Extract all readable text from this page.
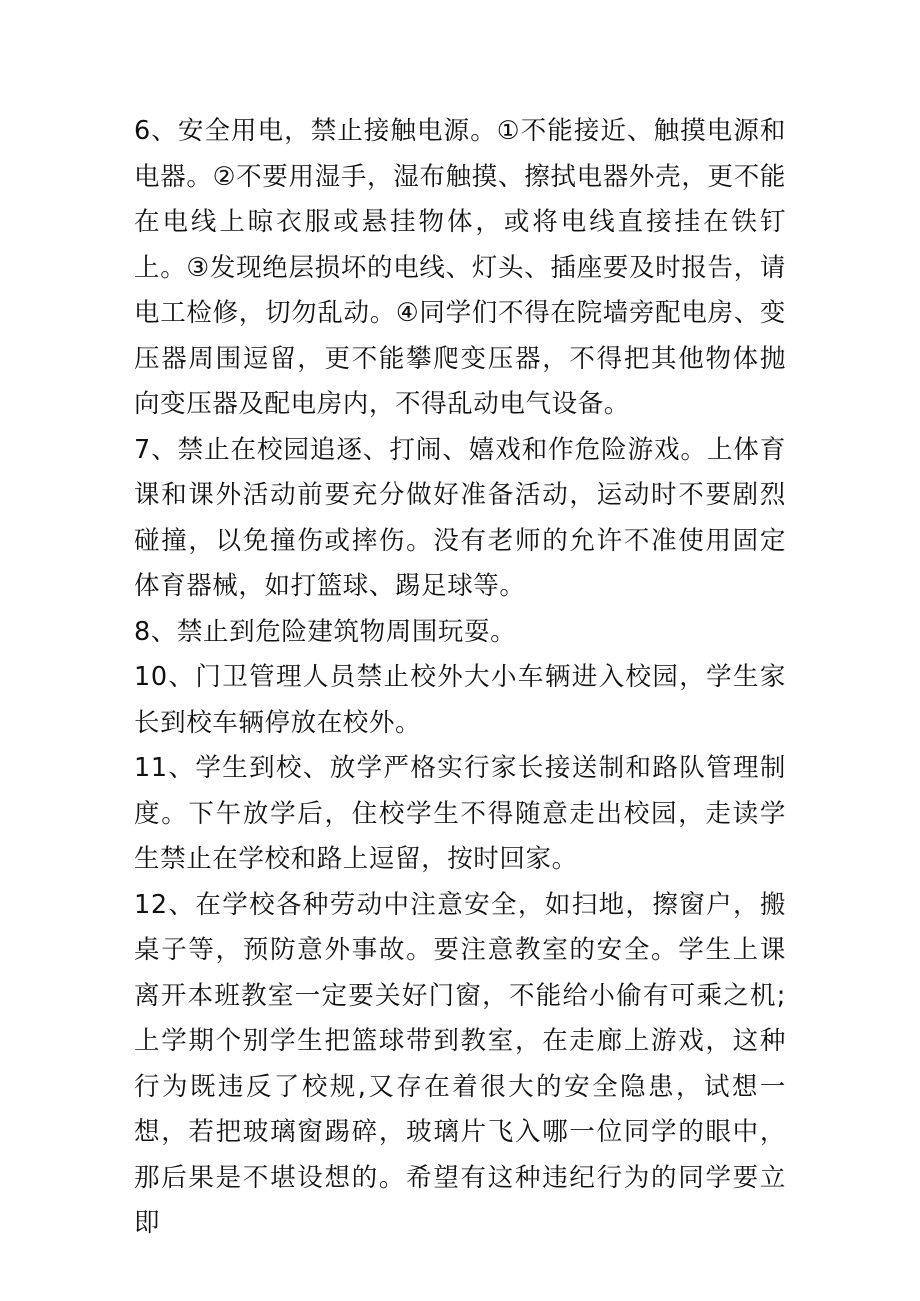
6、安全用电，禁止接触电源。①不能接近、触摸电源和电器。②不要用湿手，湿布触摸、擦拭电器外壳，更不能在电线上晾衣服或悬挂物体，或将电线直接挂在铁钉上。③发现绝层损坏的电线、灯头、插座要及时报告，请电工检修，切勿乱动。④同学们不得在院墙旁配电房、变压器周围逗留，更不能攀爬变压器，不得把其他物体抛向变压器及配电房内，不得乱动电气设备。

7、禁止在校园追逐、打闹、嬉戏和作危险游戏。上体育课和课外活动前要充分做好准备活动，运动时不要剧烈碰撞，以免撞伤或摔伤。没有老师的允许不准使用固定体育器械，如打篮球、踢足球等。

8、禁止到危险建筑物周围玩耍。

10、门卫管理人员禁止校外大小车辆进入校园，学生家长到校车辆停放在校外。

11、学生到校、放学严格实行家长接送制和路队管理制度。下午放学后，住校学生不得随意走出校园，走读学生禁止在学校和路上逗留，按时回家。

12、在学校各种劳动中注意安全，如扫地，擦窗户，搬桌子等，预防意外事故。要注意教室的安全。学生上课离开本班教室一定要关好门窗，不能给小偷有可乘之机;上学期个别学生把篮球带到教室，在走廊上游戏，这种行为既违反了校规,又存在着很大的安全隐患，试想一想，若把玻璃窗踢碎，玻璃片飞入哪一位同学的眼中，那后果是不堪设想的。希望有这种违纪行为的同学要立即
